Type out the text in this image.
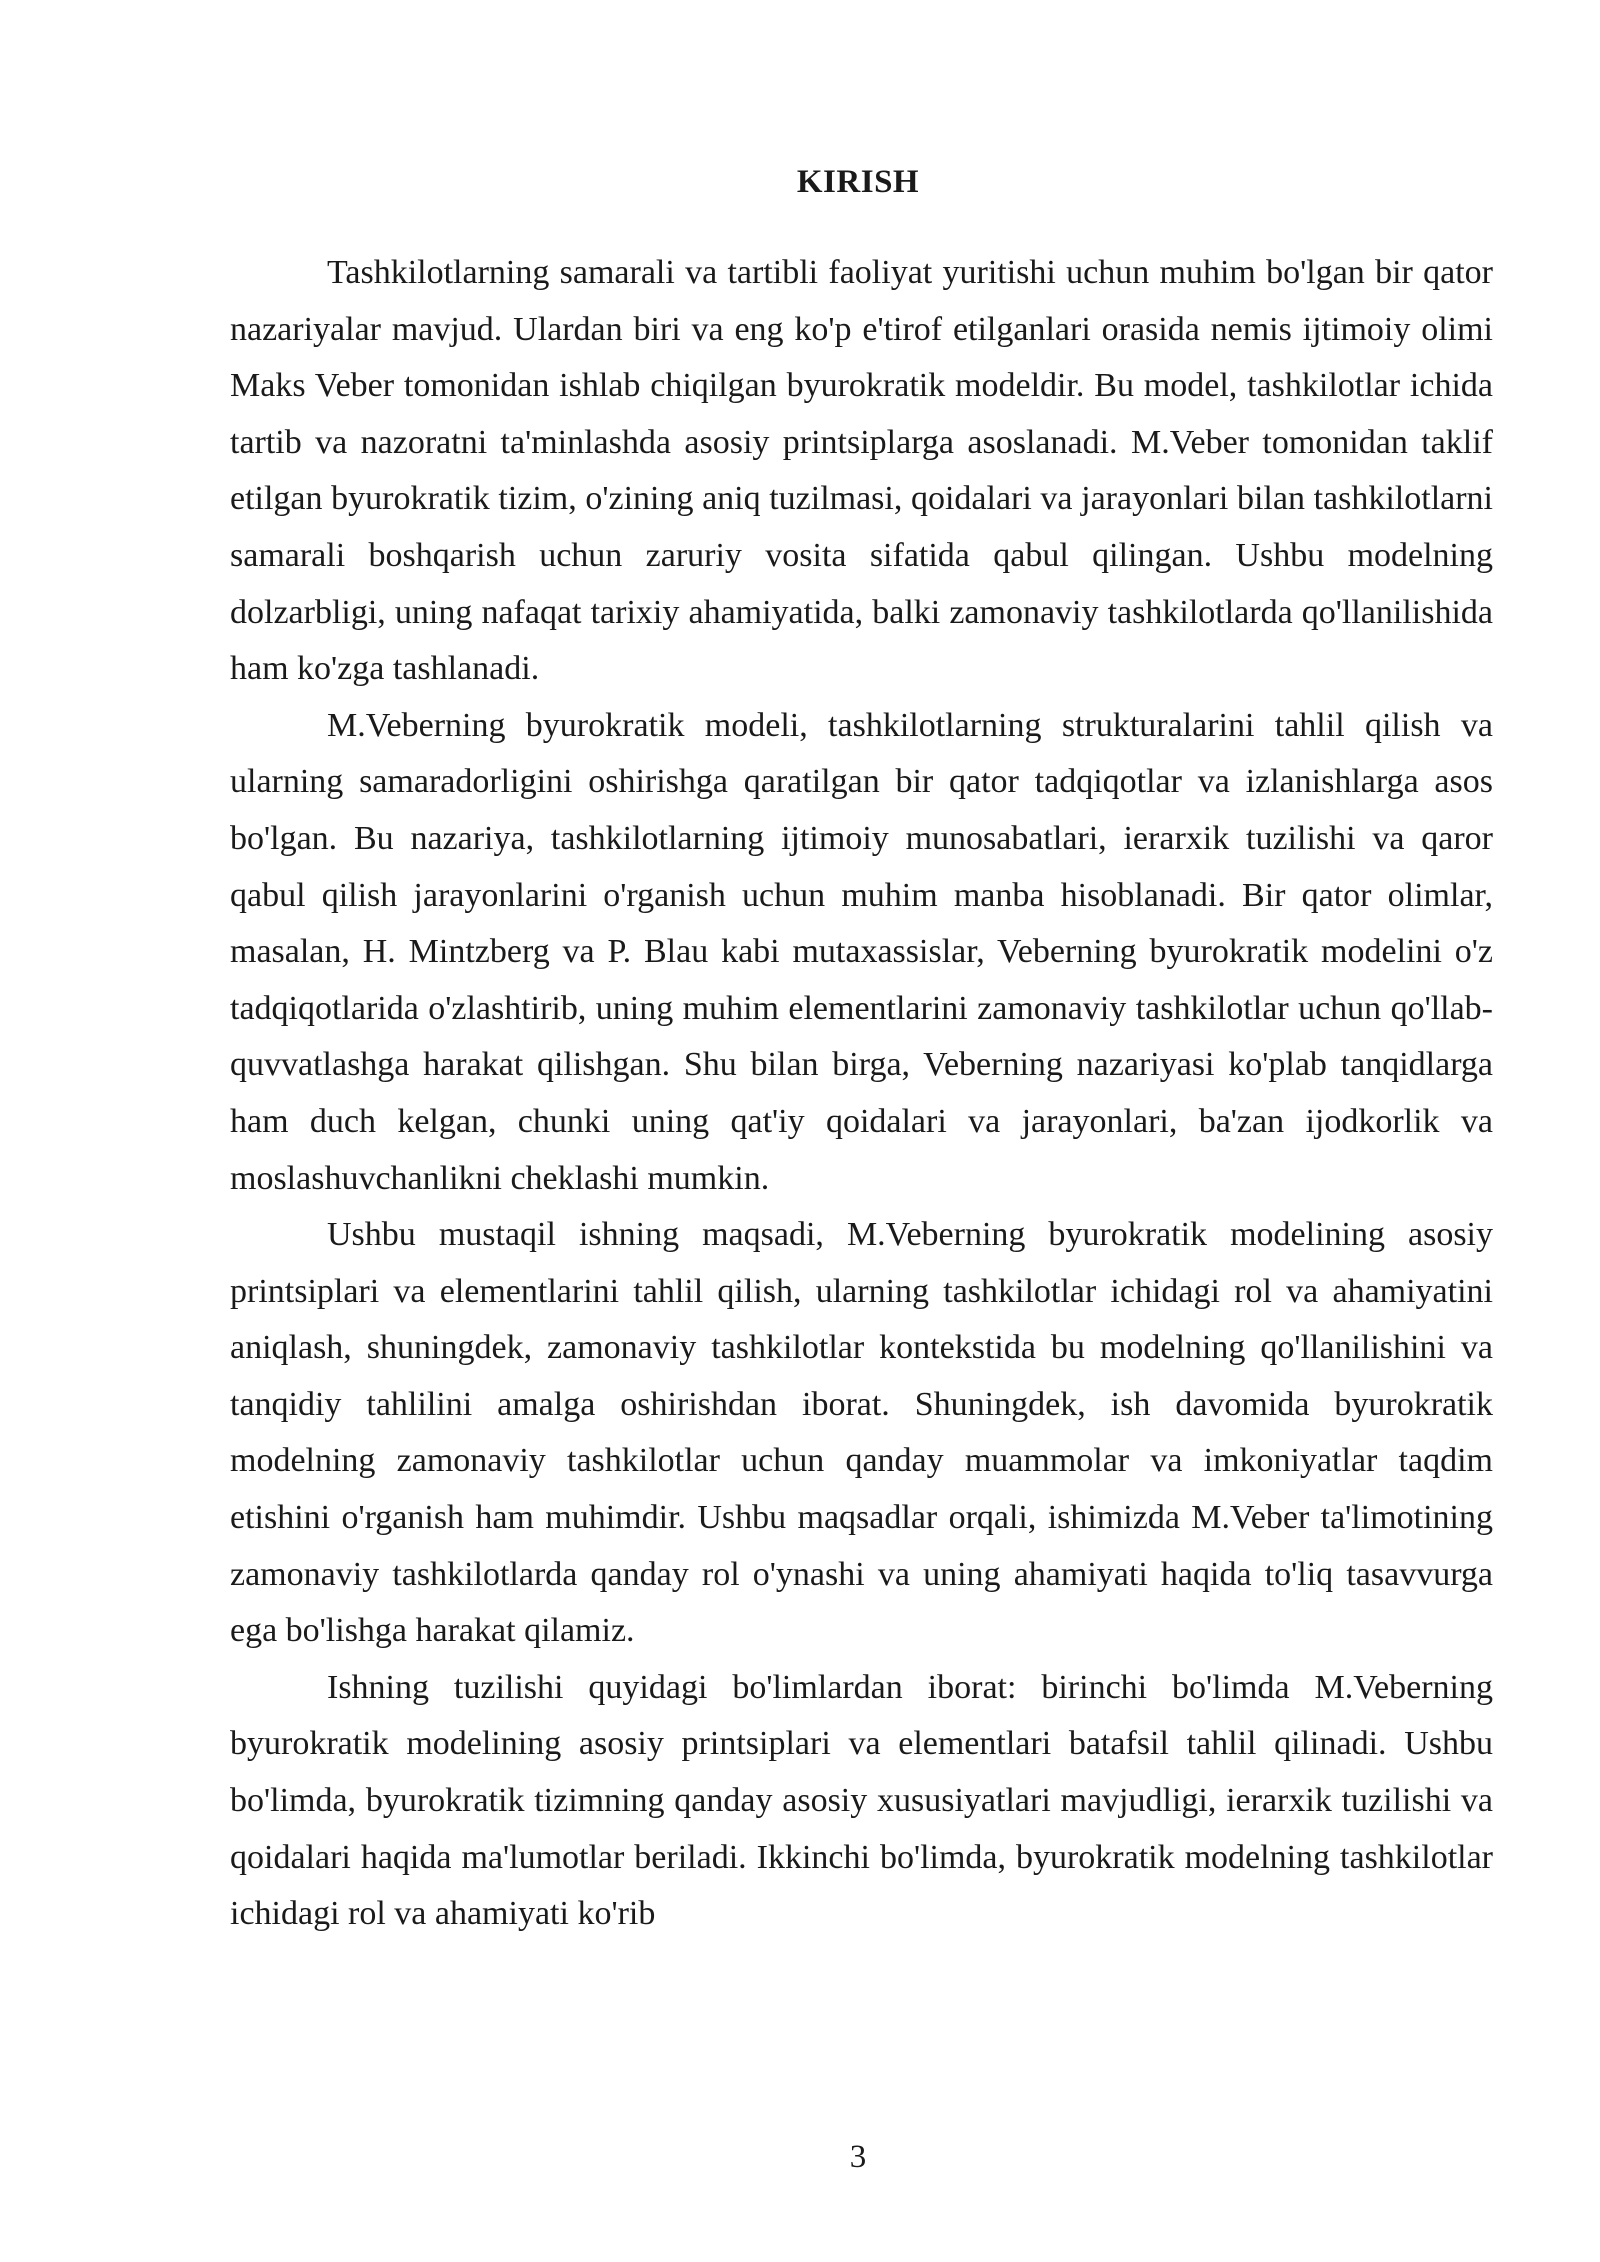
KIRISH

Tashkilotlarning samarali va tartibli faoliyat yuritishi uchun muhim bo'lgan bir qator nazariyalar mavjud. Ulardan biri va eng ko'p e'tirof etilganlari orasida nemis ijtimoiy olimi Maks Veber tomonidan ishlab chiqilgan byurokratik modeldir. Bu model, tashkilotlar ichida tartib va nazoratni ta'minlashda asosiy printsiplarga asoslanadi. M.Veber tomonidan taklif etilgan byurokratik tizim, o'zining aniq tuzilmasi, qoidalari va jarayonlari bilan tashkilotlarni samarali boshqarish uchun zaruriy vosita sifatida qabul qilingan. Ushbu modelning dolzarbligi, uning nafaqat tarixiy ahamiyatida, balki zamonaviy tashkilotlarda qo'llanilishida ham ko'zga tashlanadi.

M.Veberning byurokratik modeli, tashkilotlarning strukturalarini tahlil qilish va ularning samaradorligini oshirishga qaratilgan bir qator tadqiqotlar va izlanishlarga asos bo'lgan. Bu nazariya, tashkilotlarning ijtimoiy munosabatlari, ierarxik tuzilishi va qaror qabul qilish jarayonlarini o'rganish uchun muhim manba hisoblanadi. Bir qator olimlar, masalan, H. Mintzberg va P. Blau kabi mutaxassislar, Veberning byurokratik modelini o'z tadqiqotlarida o'zlashtirib, uning muhim elementlarini zamonaviy tashkilotlar uchun qo'llab-quvvatlashga harakat qilishgan. Shu bilan birga, Veberning nazariyasi ko'plab tanqidlarga ham duch kelgan, chunki uning qat'iy qoidalari va jarayonlari, ba'zan ijodkorlik va moslashuvchanlikni cheklashi mumkin.

Ushbu mustaqil ishning maqsadi, M.Veberning byurokratik modelining asosiy printsiplari va elementlarini tahlil qilish, ularning tashkilotlar ichidagi rol va ahamiyatini aniqlash, shuningdek, zamonaviy tashkilotlar kontekstida bu modelning qo'llanilishini va tanqidiy tahlilini amalga oshirishdan iborat. Shuningdek, ish davomida byurokratik modelning zamonaviy tashkilotlar uchun qanday muammolar va imkoniyatlar taqdim etishini o'rganish ham muhimdir. Ushbu maqsadlar orqali, ishimizda M.Veber ta'limotining zamonaviy tashkilotlarda qanday rol o'ynashi va uning ahamiyati haqida to'liq tasavvurga ega bo'lishga harakat qilamiz.

Ishning tuzilishi quyidagi bo'limlardan iborat: birinchi bo'limda M.Veberning byurokratik modelining asosiy printsiplari va elementlari batafsil tahlil qilinadi. Ushbu bo'limda, byurokratik tizimning qanday asosiy xususiyatlari mavjudligi, ierarxik tuzilishi va qoidalari haqida ma'lumotlar beriladi. Ikkinchi bo'limda, byurokratik modelning tashkilotlar ichidagi rol va ahamiyati ko'rib

3
